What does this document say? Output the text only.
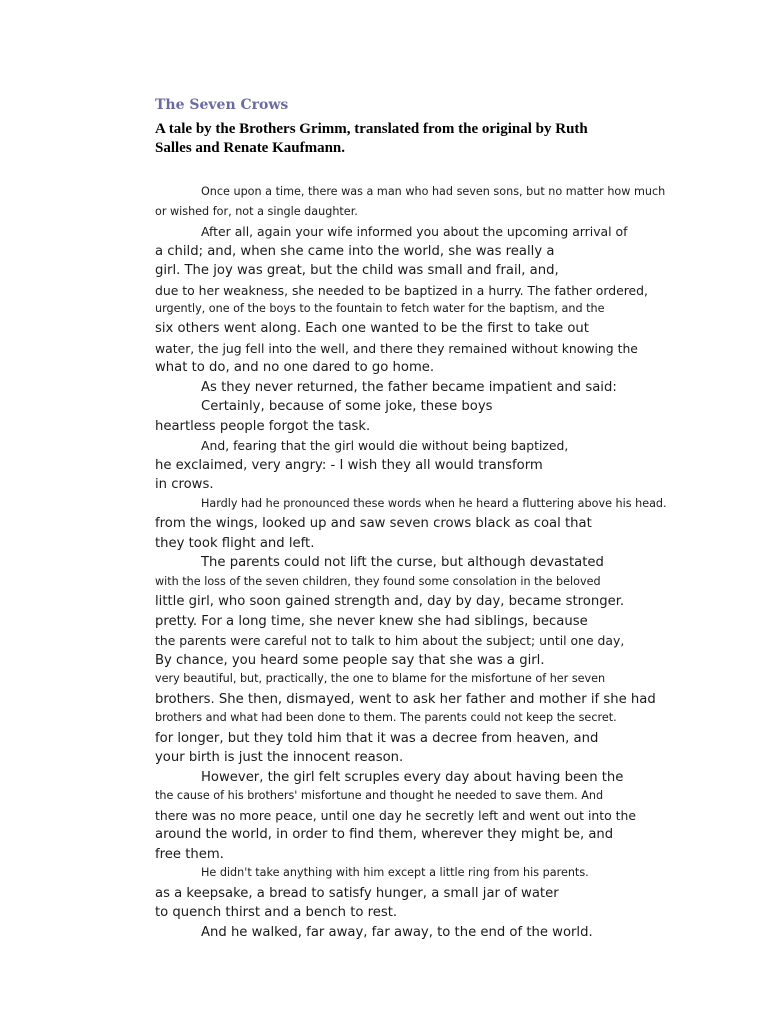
The Seven Crows
A tale by the Brothers Grimm, translated from the original by Ruth Salles and Renate Kaufmann.
Once upon a time, there was a man who had seven sons, but no matter how much
or wished for, not a single daughter.
After all, again your wife informed you about the upcoming arrival of
a child; and, when she came into the world, she was really a
girl. The joy was great, but the child was small and frail, and,
due to her weakness, she needed to be baptized in a hurry. The father ordered,
urgently, one of the boys to the fountain to fetch water for the baptism, and the
six others went along. Each one wanted to be the first to take out
water, the jug fell into the well, and there they remained without knowing the
what to do, and no one dared to go home.
As they never returned, the father became impatient and said:
Certainly, because of some joke, these boys
heartless people forgot the task.
And, fearing that the girl would die without being baptized,
he exclaimed, very angry: - I wish they all would transform
in crows.
Hardly had he pronounced these words when he heard a fluttering above his head.
from the wings, looked up and saw seven crows black as coal that
they took flight and left.
The parents could not lift the curse, but although devastated
with the loss of the seven children, they found some consolation in the beloved
little girl, who soon gained strength and, day by day, became stronger.
pretty. For a long time, she never knew she had siblings, because
the parents were careful not to talk to him about the subject; until one day,
By chance, you heard some people say that she was a girl.
very beautiful, but, practically, the one to blame for the misfortune of her seven
brothers. She then, dismayed, went to ask her father and mother if she had
brothers and what had been done to them. The parents could not keep the secret.
for longer, but they told him that it was a decree from heaven, and
your birth is just the innocent reason.
However, the girl felt scruples every day about having been the
the cause of his brothers' misfortune and thought he needed to save them. And
there was no more peace, until one day he secretly left and went out into the
around the world, in order to find them, wherever they might be, and
free them.
He didn't take anything with him except a little ring from his parents.
as a keepsake, a bread to satisfy hunger, a small jar of water
to quench thirst and a bench to rest.
And he walked, far away, far away, to the end of the world.
